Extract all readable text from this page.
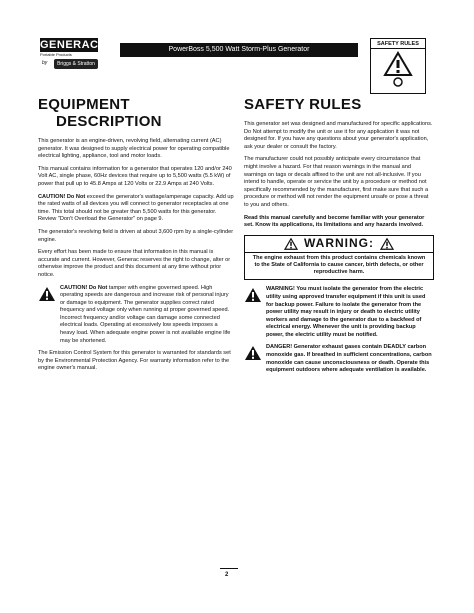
GENERAC
Portable Products
by	Briggs & Stratton
PowerBoss 5,500 Watt Storm-Plus Generator
SAFETY RULES
EQUIPMENT
DESCRIPTION

This generator is an engine-driven, revolving field, alternating current (AC) generator. It was designed to supply electrical power for operating compatible electrical lighting, appliance, tool and motor loads.

This manual contains information for a generator that operates 120 and/or 240 Volt AC, single phase, 60Hz devices that require up to 5,500 watts (5.5 kW) of power that pull up to 45.8 Amps at 120 Volts or 22.9 Amps at 240 Volts.

CAUTION! Do Not exceed the generator's wattage/amperage capacity. Add up the rated watts of all devices you will connect to generator receptacles at one time. This total should not be greater than 5,500 watts for this generator. Review "Don't Overload the Generator" on page 9.

The generator's revolving field is driven at about 3,600 rpm by a single-cylinder engine.

Every effort has been made to ensure that information in this manual is accurate and current. However, Generac reserves the right to change, alter or otherwise improve the product and this document at any time without prior notice.

CAUTION! Do Not tamper with engine governed speed. High operating speeds are dangerous and increase risk of personal injury or damage to equipment. The generator supplies correct rated frequency and voltage only when running at proper governed speed. Incorrect frequency and/or voltage can damage some connected electrical loads. Operating at excessively low speeds imposes a heavy load. When adequate engine power is not available engine life may be shortened.

The Emission Control System for this generator is warranted for standards set by the Environmental Protection Agency. For warranty information refer to the engine owner's manual.

SAFETY RULES

This generator set was designed and manufactured for specific applications. Do Not attempt to modify the unit or use it for any application it was not designed for. If you have any questions about your generator's application, ask your dealer or consult the factory.

The manufacturer could not possibly anticipate every circumstance that might involve a hazard. For that reason warnings in the manual and warnings on tags or decals affixed to the unit are not all-inclusive. If you intend to handle, operate or service the unit by a procedure or method not specifically recommended by the manufacturer, first make sure that such a procedure or method will not render the equipment unsafe or pose a threat to you and others.

Read this manual carefully and become familiar with your generator set. Know its applications, its limitations and any hazards involved.

WARNING:
The engine exhaust from this product contains chemicals known to the State of California to cause cancer, birth defects, or other reproductive harm.
WARNING! You must isolate the generator from the electric utility using approved transfer equipment if this unit is used for backup power. Failure to isolate the generator from the power utility may result in injury or death to electric utility workers and damage to the generator due to a backfeed of electrical energy. Whenever the unit is providing backup power, the electric utility must be notified.
DANGER! Generator exhaust gases contain DEADLY carbon monoxide gas. If breathed in sufficient concentrations, carbon monoxide can cause unconsciousness or death. Operate this equipment outdoors where adequate ventilation is available.
2
